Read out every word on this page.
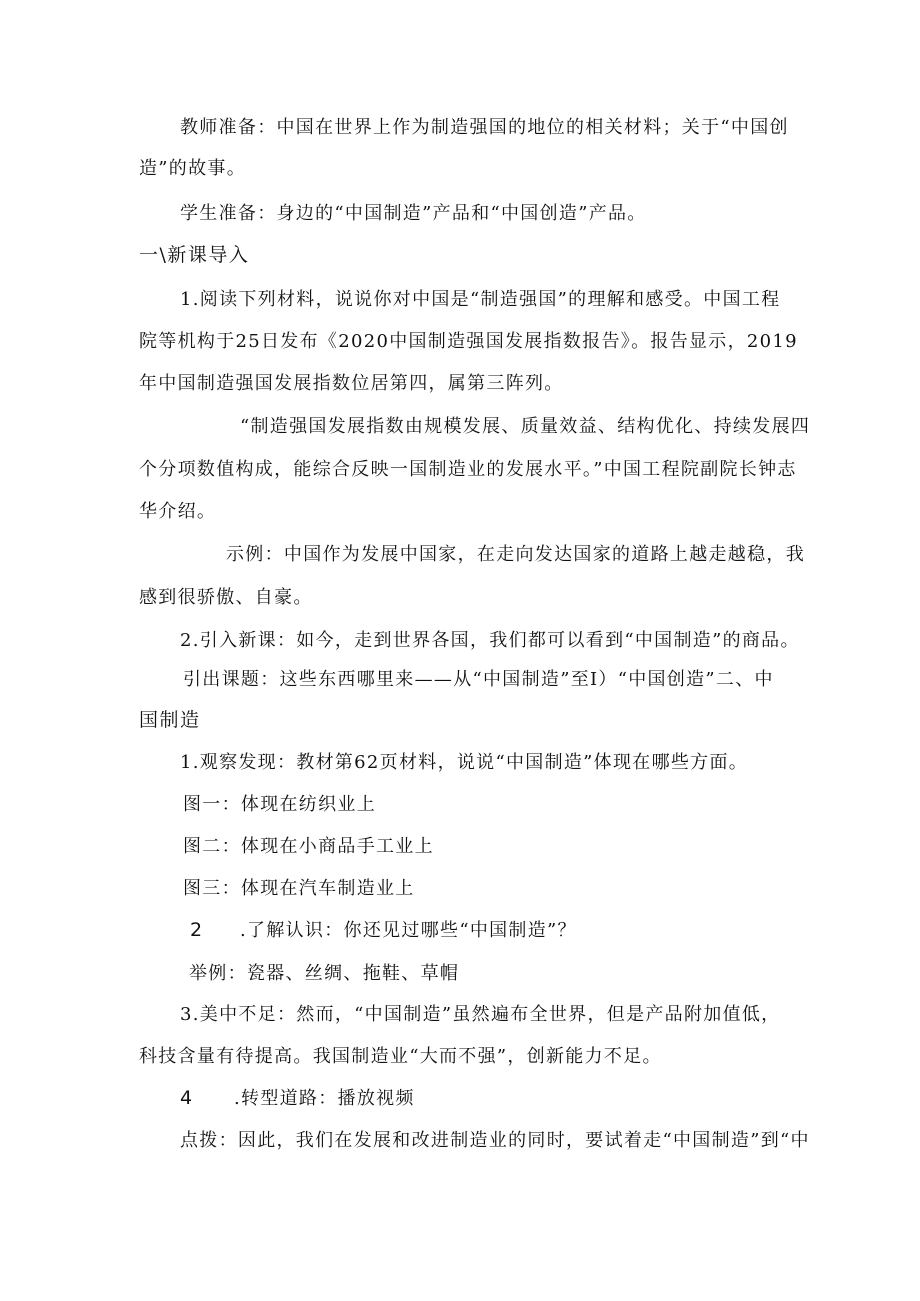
教师准备：中国在世界上作为制造强国的地位的相关材料；关于“中国创
造”的故事。
学生准备：身边的“中国制造”产品和“中国创造”产品。
一\新课导入
1.阅读下列材料，说说你对中国是“制造强国”的理解和感受。中国工程
院等机构于25日发布《2020中国制造强国发展指数报告》。报告显示，2019
年中国制造强国发展指数位居第四，属第三阵列。
“制造强国发展指数由规模发展、质量效益、结构优化、持续发展四
个分项数值构成，能综合反映一国制造业的发展水平。”中国工程院副院长钟志
华介绍。
示例：中国作为发展中国家，在走向发达国家的道路上越走越稳，我
感到很骄傲、自豪。
2.引入新课：如今，走到世界各国，我们都可以看到“中国制造”的商品。
引出课题：这些东西哪里来——从“中国制造”至I）“中国创造”二、中
国制造
1.观察发现：教材第62页材料，说说“中国制造”体现在哪些方面。
图一：体现在纺织业上
图二：体现在小商品手工业上
图三：体现在汽车制造业上
2 .了解认识：你还见过哪些“中国制造”？
举例：瓷器、丝绸、拖鞋、草帽
3.美中不足：然而，“中国制造”虽然遍布全世界，但是产品附加值低，
科技含量有待提高。我国制造业“大而不强”，创新能力不足。
4 .转型道路：播放视频
点拨：因此，我们在发展和改进制造业的同时，要试着走“中国制造”到“中
